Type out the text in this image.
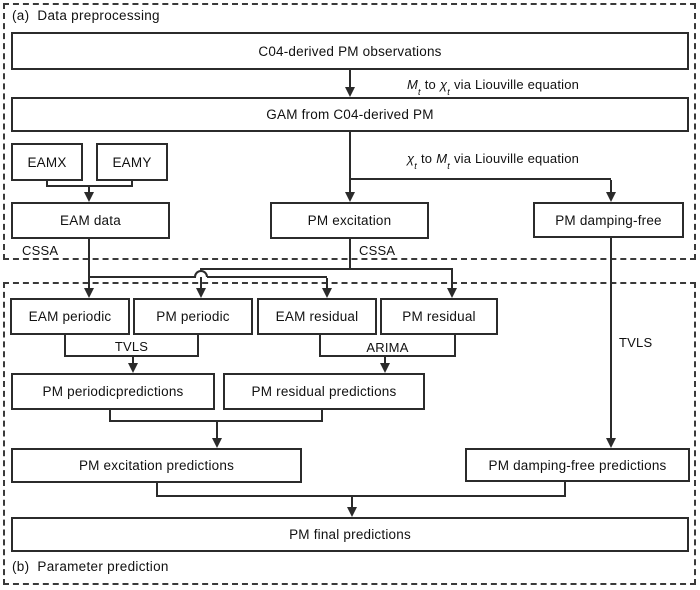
(a) Data preprocessing
(b) Parameter prediction
$M_t$ to $\chi_t$ via Liouville equation
$\chi_t$ to $M_t$ via Liouville equation
CSSA	CSSA
TVLS	ARIMA	TVLS
C04-derived PM observations
GAM from C04-derived PM
EAMX	EAMY
EAM data	PM excitation	PM damping-free
EAM periodic	PM periodic	EAM residual	PM residual
PM periodicpredictions	PM residual predictions
PM excitation predictions	PM damping-free predictions
PM final predictions
